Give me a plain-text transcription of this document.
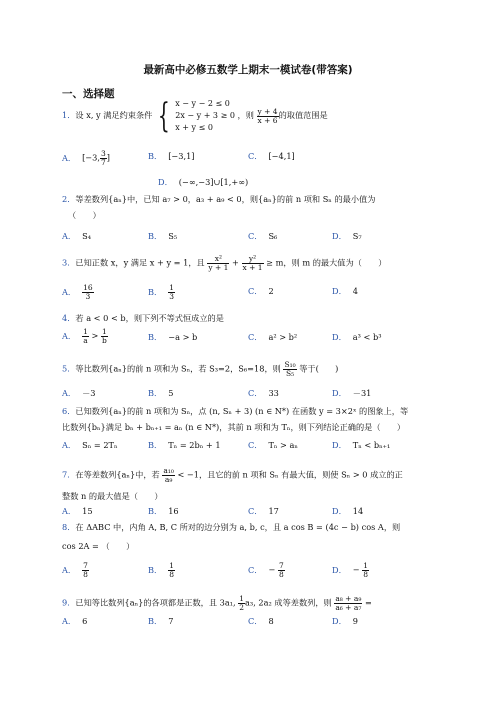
最新高中必修五数学上期末一模试卷(带答案)
一、选择题
1．设 x, y 满足约束条件 { x − y − 2 ≤ 0
2x − y + 3 ≥ 0
x + y ≤ 0
，则 $\frac{y + 4}{x + 6}$ 的取值范围是
A． [−3, $\frac{3}{7}$ ]	B． [−3,1]	C． [−4,1]
D． (−∞,−3]∪[1,+∞)
2．等差数列{aₙ}中，已知 a₇ > 0，a₃ + a₉ < 0，则{aₙ}的前 n 项和 Sₙ 的最小值为
（　　）
A． S₄	B． S₅	C． S₆	D． S₇
3．已知正数 x，y 满足 x + y = 1，且 $\frac{\text{x²}}{y + 1} + \frac{\text{y²}}{x + 1} \ge m$，则 m 的最大值为（　　）
A． $\frac{16}{3}$	B． $\frac{1}{3}$	C． 2	D． 4
4．若 a < 0 < b，则下列不等式恒成立的是
A． $\frac{1}{a} > \frac{1}{b}$	B． −a > b	C． a² > b²	D． a³ < b³
5．等比数列{aₙ}的前 n 项和为 Sₙ，若 S₃=2，S₆=18，则 $\frac{\text{S₁₀}}{\text{S₅}}$ 等于(　　)
A． －3	B． 5	C． 33	D． －31
6．已知数列{aₙ}的前 n 项和为 Sₙ，点 (n, Sₙ + 3) (n ∈ N*) 在函数 y = 3×2ˣ 的图象上，等
比数列{bₙ}满足 bₙ + bₙ₊₁ = aₙ (n ∈ N*)，其前 n 项和为 Tₙ，则下列结论正确的是（　　）
A． Sₙ = 2Tₙ	B． Tₙ = 2bₙ + 1	C． Tₙ > aₙ	D． Tₙ < bₙ₊₁
7．在等差数列{aₙ}中，若 $\frac{\text{a₁₀}}{\text{a₉}} < -1$，且它的前 n 项和 Sₙ 有最大值，则使 Sₙ > 0 成立的正
整数 n 的最大值是（　　）
A． 15	B． 16	C． 17	D． 14
8．在 ΔABC 中，内角 A, B, C 所对的边分别为 a, b, c，且 a cos B = (4c − b) cos A，则
cos 2A = （　　）
A． $\frac{7}{8}$	B． $\frac{1}{8}$	C． − $\frac{7}{8}$	D． − $\frac{1}{8}$
9．已知等比数列{aₙ}的各项都是正数，且 3a₁, $\frac{1}{2} a_3$, 2a₂ 成等差数列，则 $\frac{\text{a₈ + a₉}}{\text{a₆ + a₇}}$ =
A． 6	B． 7	C． 8	D． 9
